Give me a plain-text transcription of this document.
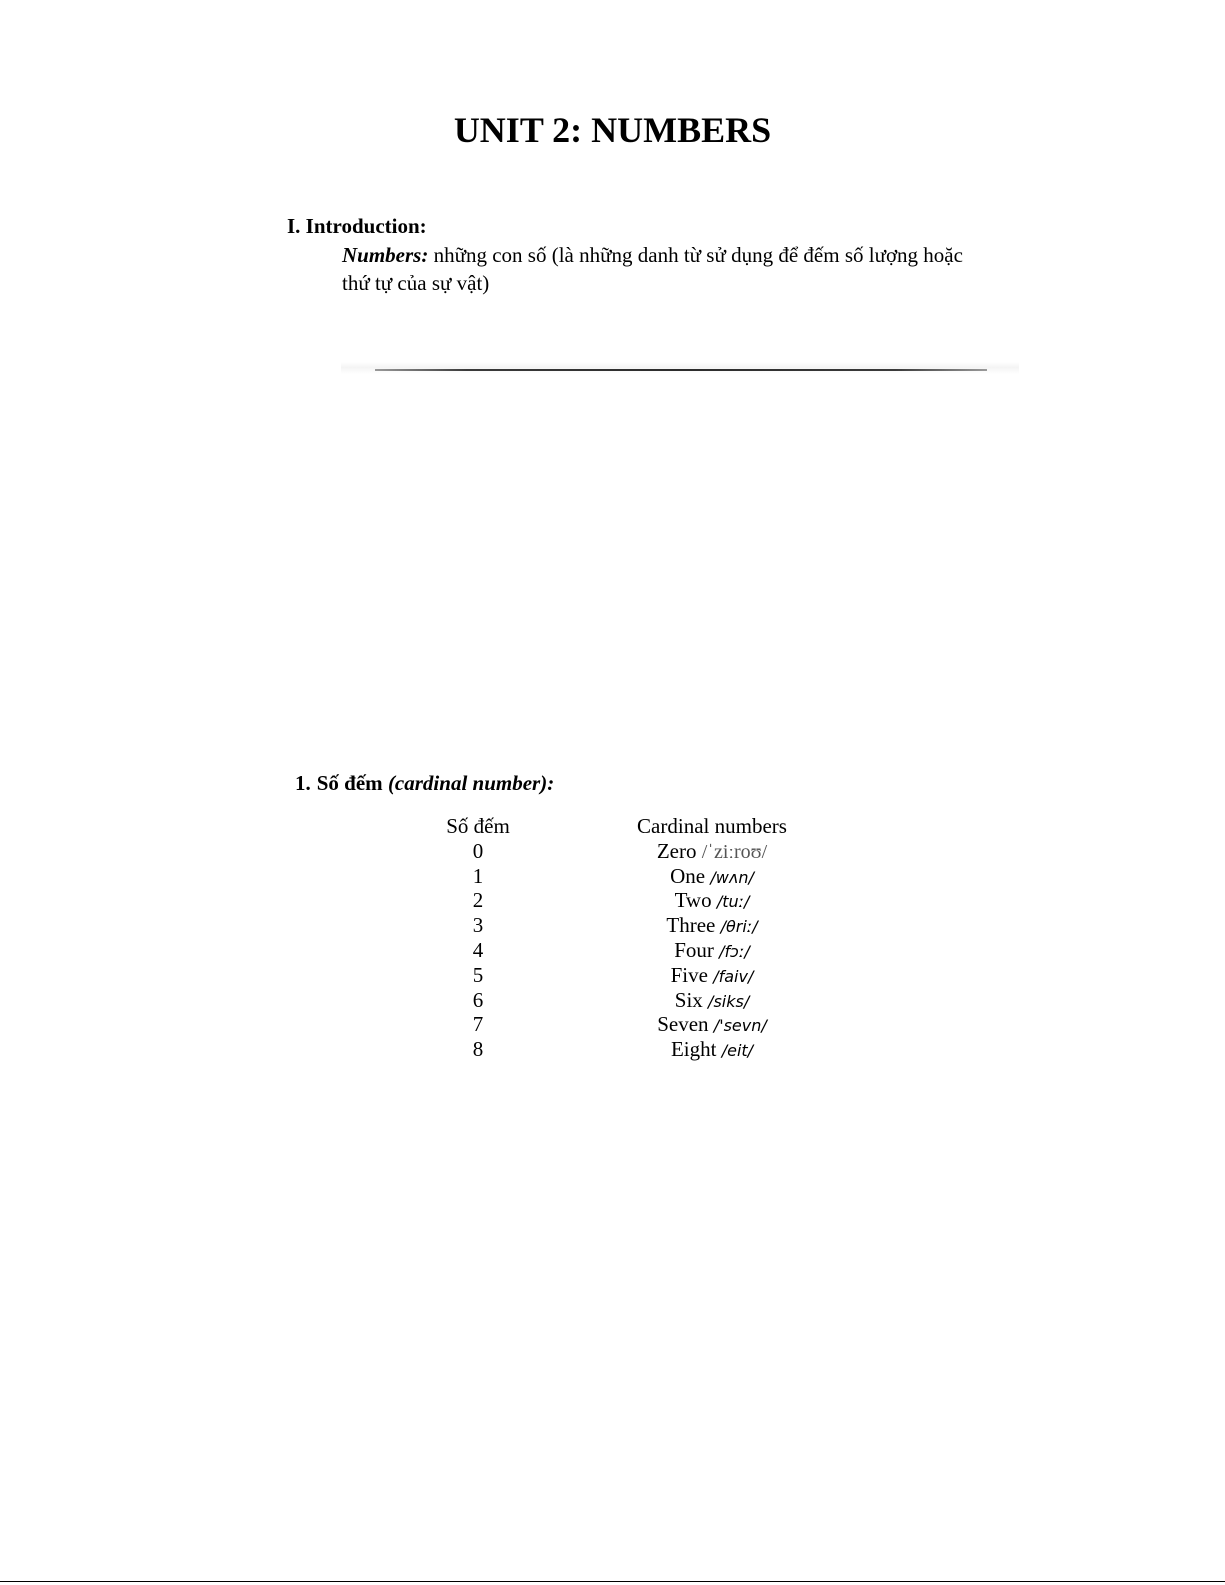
UNIT 2: NUMBERS
I. Introduction:

Numbers: những con số (là những danh từ sử dụng để đếm số lượng hoặc thứ tự của sự vật)

1. Số đếm (cardinal number):
Số đếm	Cardinal numbers
0	Zero /ˈziːroʊ/
1	One /wʌn/
2	Two /tuː/
3	Three /θriː/
4	Four /fɔː/
5	Five /faiv/
6	Six /siks/
7	Seven /'sevn/
8	Eight /eit/
